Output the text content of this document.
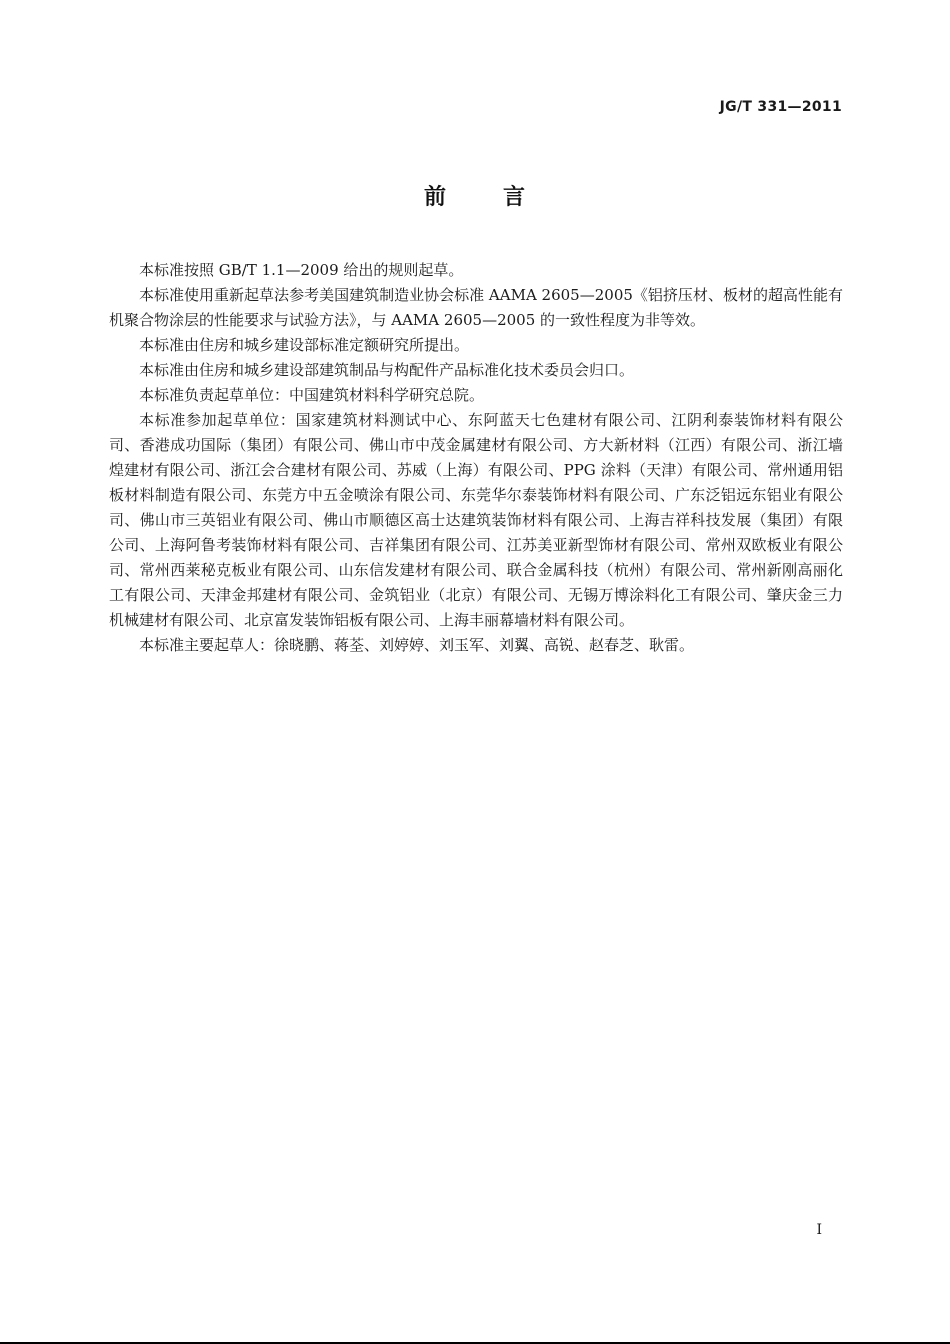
JG/T 331—2011
前	言

本标准按照 GB/T 1.1—2009 给出的规则起草。

本标准使用重新起草法参考美国建筑制造业协会标准 AAMA 2605—2005《铝挤压材、板材的超高性能有机聚合物涂层的性能要求与试验方法》，与 AAMA 2605—2005 的一致性程度为非等效。

本标准由住房和城乡建设部标准定额研究所提出。

本标准由住房和城乡建设部建筑制品与构配件产品标准化技术委员会归口。

本标准负责起草单位：中国建筑材料科学研究总院。

本标准参加起草单位：国家建筑材料测试中心、东阿蓝天七色建材有限公司、江阴利泰装饰材料有限公司、香港成功国际（集团）有限公司、佛山市中茂金属建材有限公司、方大新材料（江西）有限公司、浙江墙煌建材有限公司、浙江会合建材有限公司、苏威（上海）有限公司、PPG 涂料（天津）有限公司、常州通用铝板材料制造有限公司、东莞方中五金喷涂有限公司、东莞华尔泰装饰材料有限公司、广东泛铝远东铝业有限公司、佛山市三英铝业有限公司、佛山市顺德区高士达建筑装饰材料有限公司、上海吉祥科技发展（集团）有限公司、上海阿鲁考装饰材料有限公司、吉祥集团有限公司、江苏美亚新型饰材有限公司、常州双欧板业有限公司、常州西莱秘克板业有限公司、山东信发建材有限公司、联合金属科技（杭州）有限公司、常州新刚高丽化工有限公司、天津金邦建材有限公司、金筑铝业（北京）有限公司、无锡万博涂料化工有限公司、肇庆金三力机械建材有限公司、北京富发装饰铝板有限公司、上海丰丽幕墙材料有限公司。

本标准主要起草人：徐晓鹏、蒋荃、刘婷婷、刘玉军、刘翼、高锐、赵春芝、耿雷。

I
